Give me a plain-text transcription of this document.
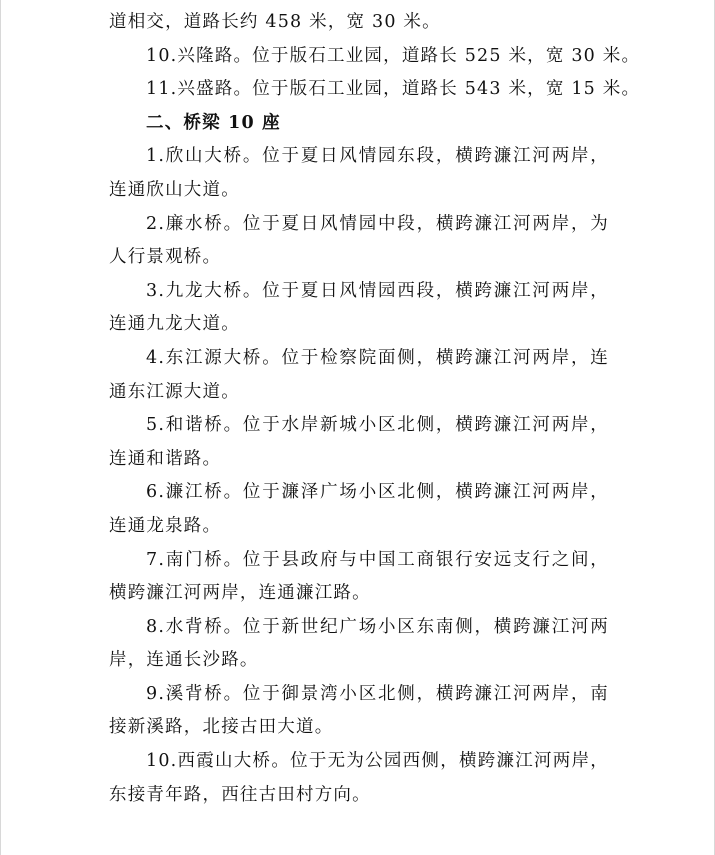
道相交，道路长约 458 米，宽 30 米。
10.兴隆路。位于版石工业园，道路长 525 米，宽 30 米。
11.兴盛路。位于版石工业园，道路长 543 米，宽 15 米。
二、桥梁 10 座
1.欣山大桥。位于夏日风情园东段，横跨濂江河两岸，
连通欣山大道。
2.廉水桥。位于夏日风情园中段，横跨濂江河两岸，为
人行景观桥。
3.九龙大桥。位于夏日风情园西段，横跨濂江河两岸，
连通九龙大道。
4.东江源大桥。位于检察院面侧，横跨濂江河两岸，连
通东江源大道。
5.和谐桥。位于水岸新城小区北侧，横跨濂江河两岸，
连通和谐路。
6.濂江桥。位于濂泽广场小区北侧，横跨濂江河两岸，
连通龙泉路。
7.南门桥。位于县政府与中国工商银行安远支行之间，
横跨濂江河两岸，连通濂江路。
8.水背桥。位于新世纪广场小区东南侧，横跨濂江河两
岸，连通长沙路。
9.溪背桥。位于御景湾小区北侧，横跨濂江河两岸，南
接新溪路，北接古田大道。
10.西霞山大桥。位于无为公园西侧，横跨濂江河两岸，
东接青年路，西往古田村方向。
